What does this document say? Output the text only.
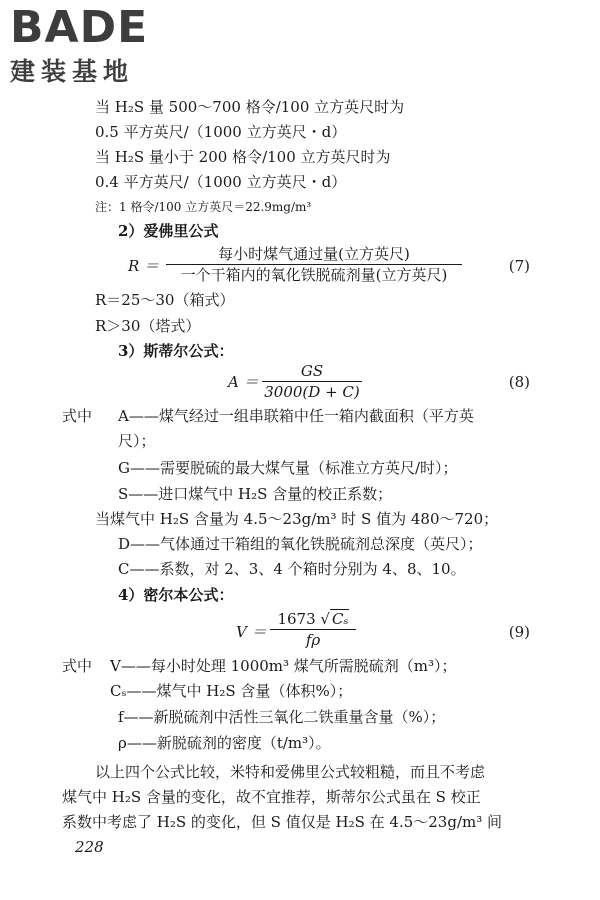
BADE
建装基地
当 H₂S 量 500～700 格令/100 立方英尺时为
0.5 平方英尺/（1000 立方英尺・d）
当 H₂S 量小于 200 格令/100 立方英尺时为
0.4 平方英尺/（1000 立方英尺・d）
注：1 格令/100 立方英尺＝22.9mg/m³
2）爱佛里公式
R ＝
每小时煤气通过量(立方英尺)
一个干箱内的氧化铁脱硫剂量(立方英尺)	(7)
R＝25～30（箱式）
R＞30（塔式）
3）斯蒂尔公式：
$A = \frac{GS}{3000(D + C)}$	(8)
式中 A——煤气经过一组串联箱中任一箱内截面积（平方英
尺）；
G——需要脱硫的最大煤气量（标准立方英尺/时）；
S——进口煤气中 H₂S 含量的校正系数；
当煤气中 H₂S 含量为 4.5～23g/m³ 时 S 值为 480～720；
D——气体通过干箱组的氧化铁脱硫剂总深度（英尺）；
C——系数，对 2、3、4 个箱时分别为 4、8、10。
4）密尔本公式：
$V = \frac{\text{1673 √ Cₛ}}{f\rho}$	(9)
式中 V——每小时处理 1000m³ 煤气所需脱硫剂（m³）；
Cₛ——煤气中 H₂S 含量（体积%）；
f——新脱硫剂中活性三氧化二铁重量含量（%）；
ρ——新脱硫剂的密度（t/m³）。
以上四个公式比较，米特和爱佛里公式较粗糙，而且不考虑
煤气中 H₂S 含量的变化，故不宜推荐，斯蒂尔公式虽在 S 校正
系数中考虑了 H₂S 的变化，但 S 值仅是 H₂S 在 4.5～23g/m³ 间
228
